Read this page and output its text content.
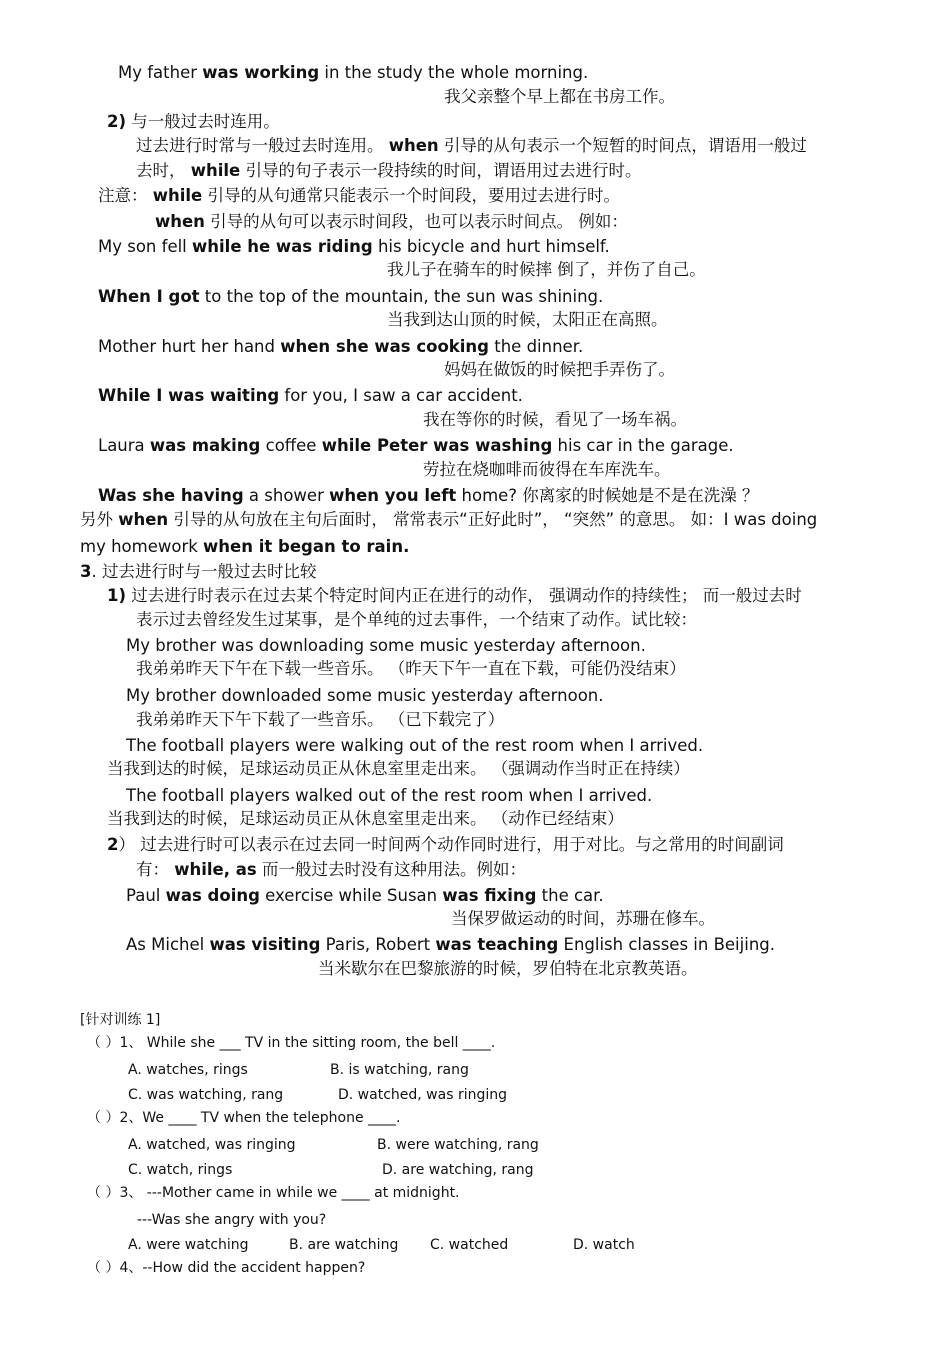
My father was working in the study the whole morning.
我父亲整个早上都在书房工作。
2) 与一般过去时连用。
过去进行时常与一般过去时连用。 when 引导的从句表示一个短暂的时间点，谓语用一般过
去时， while 引导的句子表示一段持续的时间，谓语用过去进行时。
注意： while 引导的从句通常只能表示一个时间段，要用过去进行时。
when 引导的从句可以表示时间段，也可以表示时间点。 例如：
My son fell while he was riding his bicycle and hurt himself.
我儿子在骑车的时候摔 倒了，并伤了自己。
When I got to the top of the mountain, the sun was shining.
当我到达山顶的时候，太阳正在高照。
Mother hurt her hand when she was cooking the dinner.
妈妈在做饭的时候把手弄伤了。
While I was waiting for you, I saw a car accident.
我在等你的时候，看见了一场车祸。
Laura was making coffee while Peter was washing his car in the garage.
劳拉在烧咖啡而彼得在车库洗车。
Was she having a shower when you left home? 你离家的时候她是不是在洗澡 ？
另外 when 引导的从句放在主句后面时， 常常表示“正好此时”， “突然” 的意思。 如：I was doing
my homework when it began to rain.
3. 过去进行时与一般过去时比较
1) 过去进行时表示在过去某个特定时间内正在进行的动作， 强调动作的持续性； 而一般过去时
表示过去曾经发生过某事，是个单纯的过去事件，一个结束了动作。试比较：
My brother was downloading some music yesterday afternoon.
我弟弟昨天下午在下载一些音乐。 （昨天下午一直在下载，可能仍没结束）
My brother downloaded some music yesterday afternoon.
我弟弟昨天下午下载了一些音乐。 （已下载完了）
The football players were walking out of the rest room when I arrived.
当我到达的时候，足球运动员正从休息室里走出来。 （强调动作当时正在持续）
The football players walked out of the rest room when I arrived.
当我到达的时候，足球运动员正从休息室里走出来。 （动作已经结束）
2） 过去进行时可以表示在过去同一时间两个动作同时进行，用于对比。与之常用的时间副词
有： while, as 而一般过去时没有这种用法。例如：
Paul was doing exercise while Susan was fixing the car.
当保罗做运动的时间，苏珊在修车。
As Michel was visiting Paris, Robert was teaching English classes in Beijing.
当米歇尔在巴黎旅游的时候，罗伯特在北京教英语。
[针对训练 1]
（ ）1、 While she ___ TV in the sitting room, the bell ____.
A. watches, rings	B. is watching, rang
C. was watching, rang	D. watched, was ringing
（ ）2、We ____ TV when the telephone ____.
A. watched, was ringing	B. were watching, rang
C. watch, rings	D. are watching, rang
（ ）3、 ---Mother came in while we ____ at midnight.
---Was she angry with you?
A. were watching	B. are watching C. watched	D. watch
（ ）4、--How did the accident happen?
